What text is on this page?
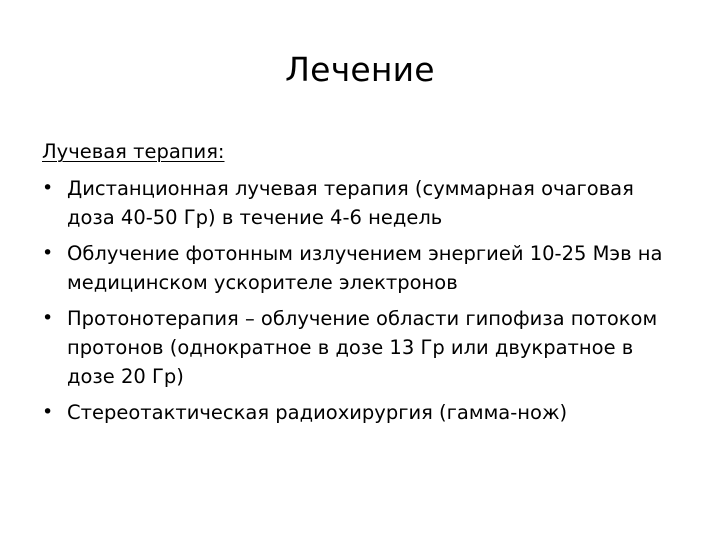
Лечение
Лучевая терапия:
• Дистанционная лучевая терапия (суммарная очаговая доза 40-50 Гр) в течение 4-6 недель
• Облучение фотонным излучением энергией 10-25 Мэв на медицинском ускорителе электронов
• Протонотерапия – облучение области гипофиза потоком протонов (однократное в дозе 13 Гр или двукратное в дозе 20 Гр)
• Стереотактическая радиохирургия (гамма-нож)
